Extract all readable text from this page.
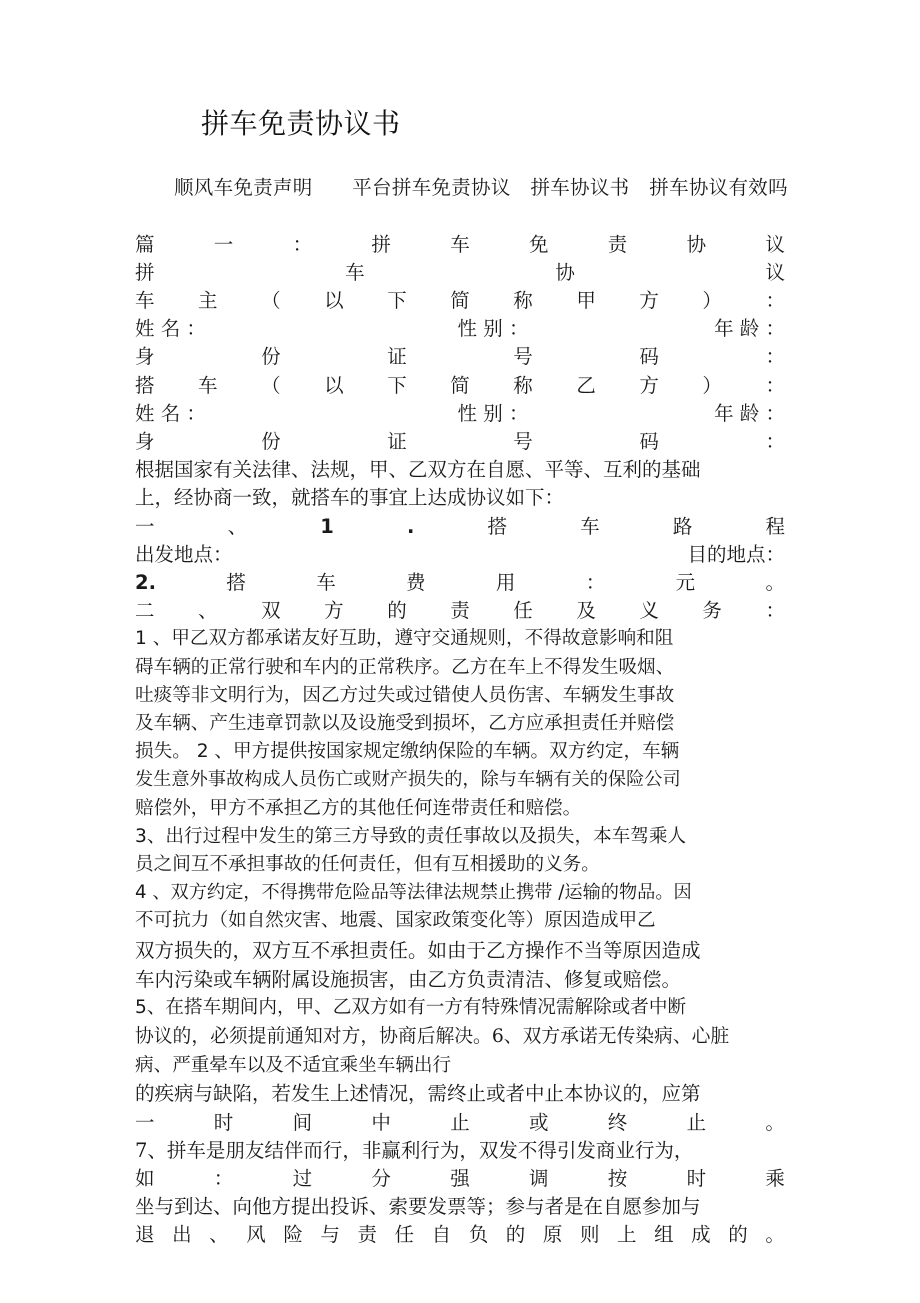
拼车免责协议书

顺风车免责声明　　 平台拼车免责协议　 拼车协议书　 拼车协议有效吗

篇	一	：	拼	车	免	责	协	议
拼	车	协	议
车 主 （ 以 下 简 称 甲 方 ） ：
姓 名 ：	性 别 ：	年 龄 ：
身	份	证	号	码	：
搭 车 （ 以 下 简 称 乙 方 ） ：
姓 名 ：	性 别 ：	年 龄 ：
身	份	证	号	码	：
根据国家有关法律、法规，甲、乙双方在自愿、平等、互利的基础
上，经协商一致，就搭车的事宜上达成协议如下：
一	、	1	.	搭	车	路	程
出发地点：	目的地点：
2.	搭	车	费	用	：	元	。
二 、 双 方 的 责 任 及 义 务 ：
1 、甲乙双方都承诺友好互助，遵守交通规则，不得故意影响和阻
碍车辆的正常行驶和车内的正常秩序。乙方在车上不得发生吸烟、
吐痰等非文明行为，因乙方过失或过错使人员伤害、车辆发生事故
及车辆、产生违章罚款以及设施受到损坏，乙方应承担责任并赔偿
损失。 2 、甲方提供按国家规定缴纳保险的车辆。双方约定，车辆
发生意外事故构成人员伤亡或财产损失的，除与车辆有关的保险公司
赔偿外，甲方不承担乙方的其他任何连带责任和赔偿。
3、出行过程中发生的第三方导致的责任事故以及损失，本车驾乘人
员之间互不承担事故的任何责任，但有互相援助的义务。
4 、双方约定，不得携带危险品等法律法规禁止携带 /运输的物品。因
不可抗力（如自然灾害、地震、国家政策变化等）原因造成甲乙
双方损失的，双方互不承担责任。如由于乙方操作不当等原因造成
车内污染或车辆附属设施损害，由乙方负责清洁、修复或赔偿。
5、在搭车期间内，甲、乙双方如有一方有特殊情况需解除或者中断
协议的，必须提前通知对方，协商后解决。6、双方承诺无传染病、心脏
病、严重晕车以及不适宜乘坐车辆出行
的疾病与缺陷，若发生上述情况，需终止或者中止本协议的，应第
一	时	间	中	止	或	终	止	。
7、拼车是朋友结伴而行，非赢利行为，双发不得引发商业行为，
如	：	过	分	强	调	按	时	乘
坐与到达、向他方提出投诉、索要发票等；参与者是在自愿参加与
退 出 、 风 险 与 责 任 自 负 的 原 则 上 组 成 的 。
